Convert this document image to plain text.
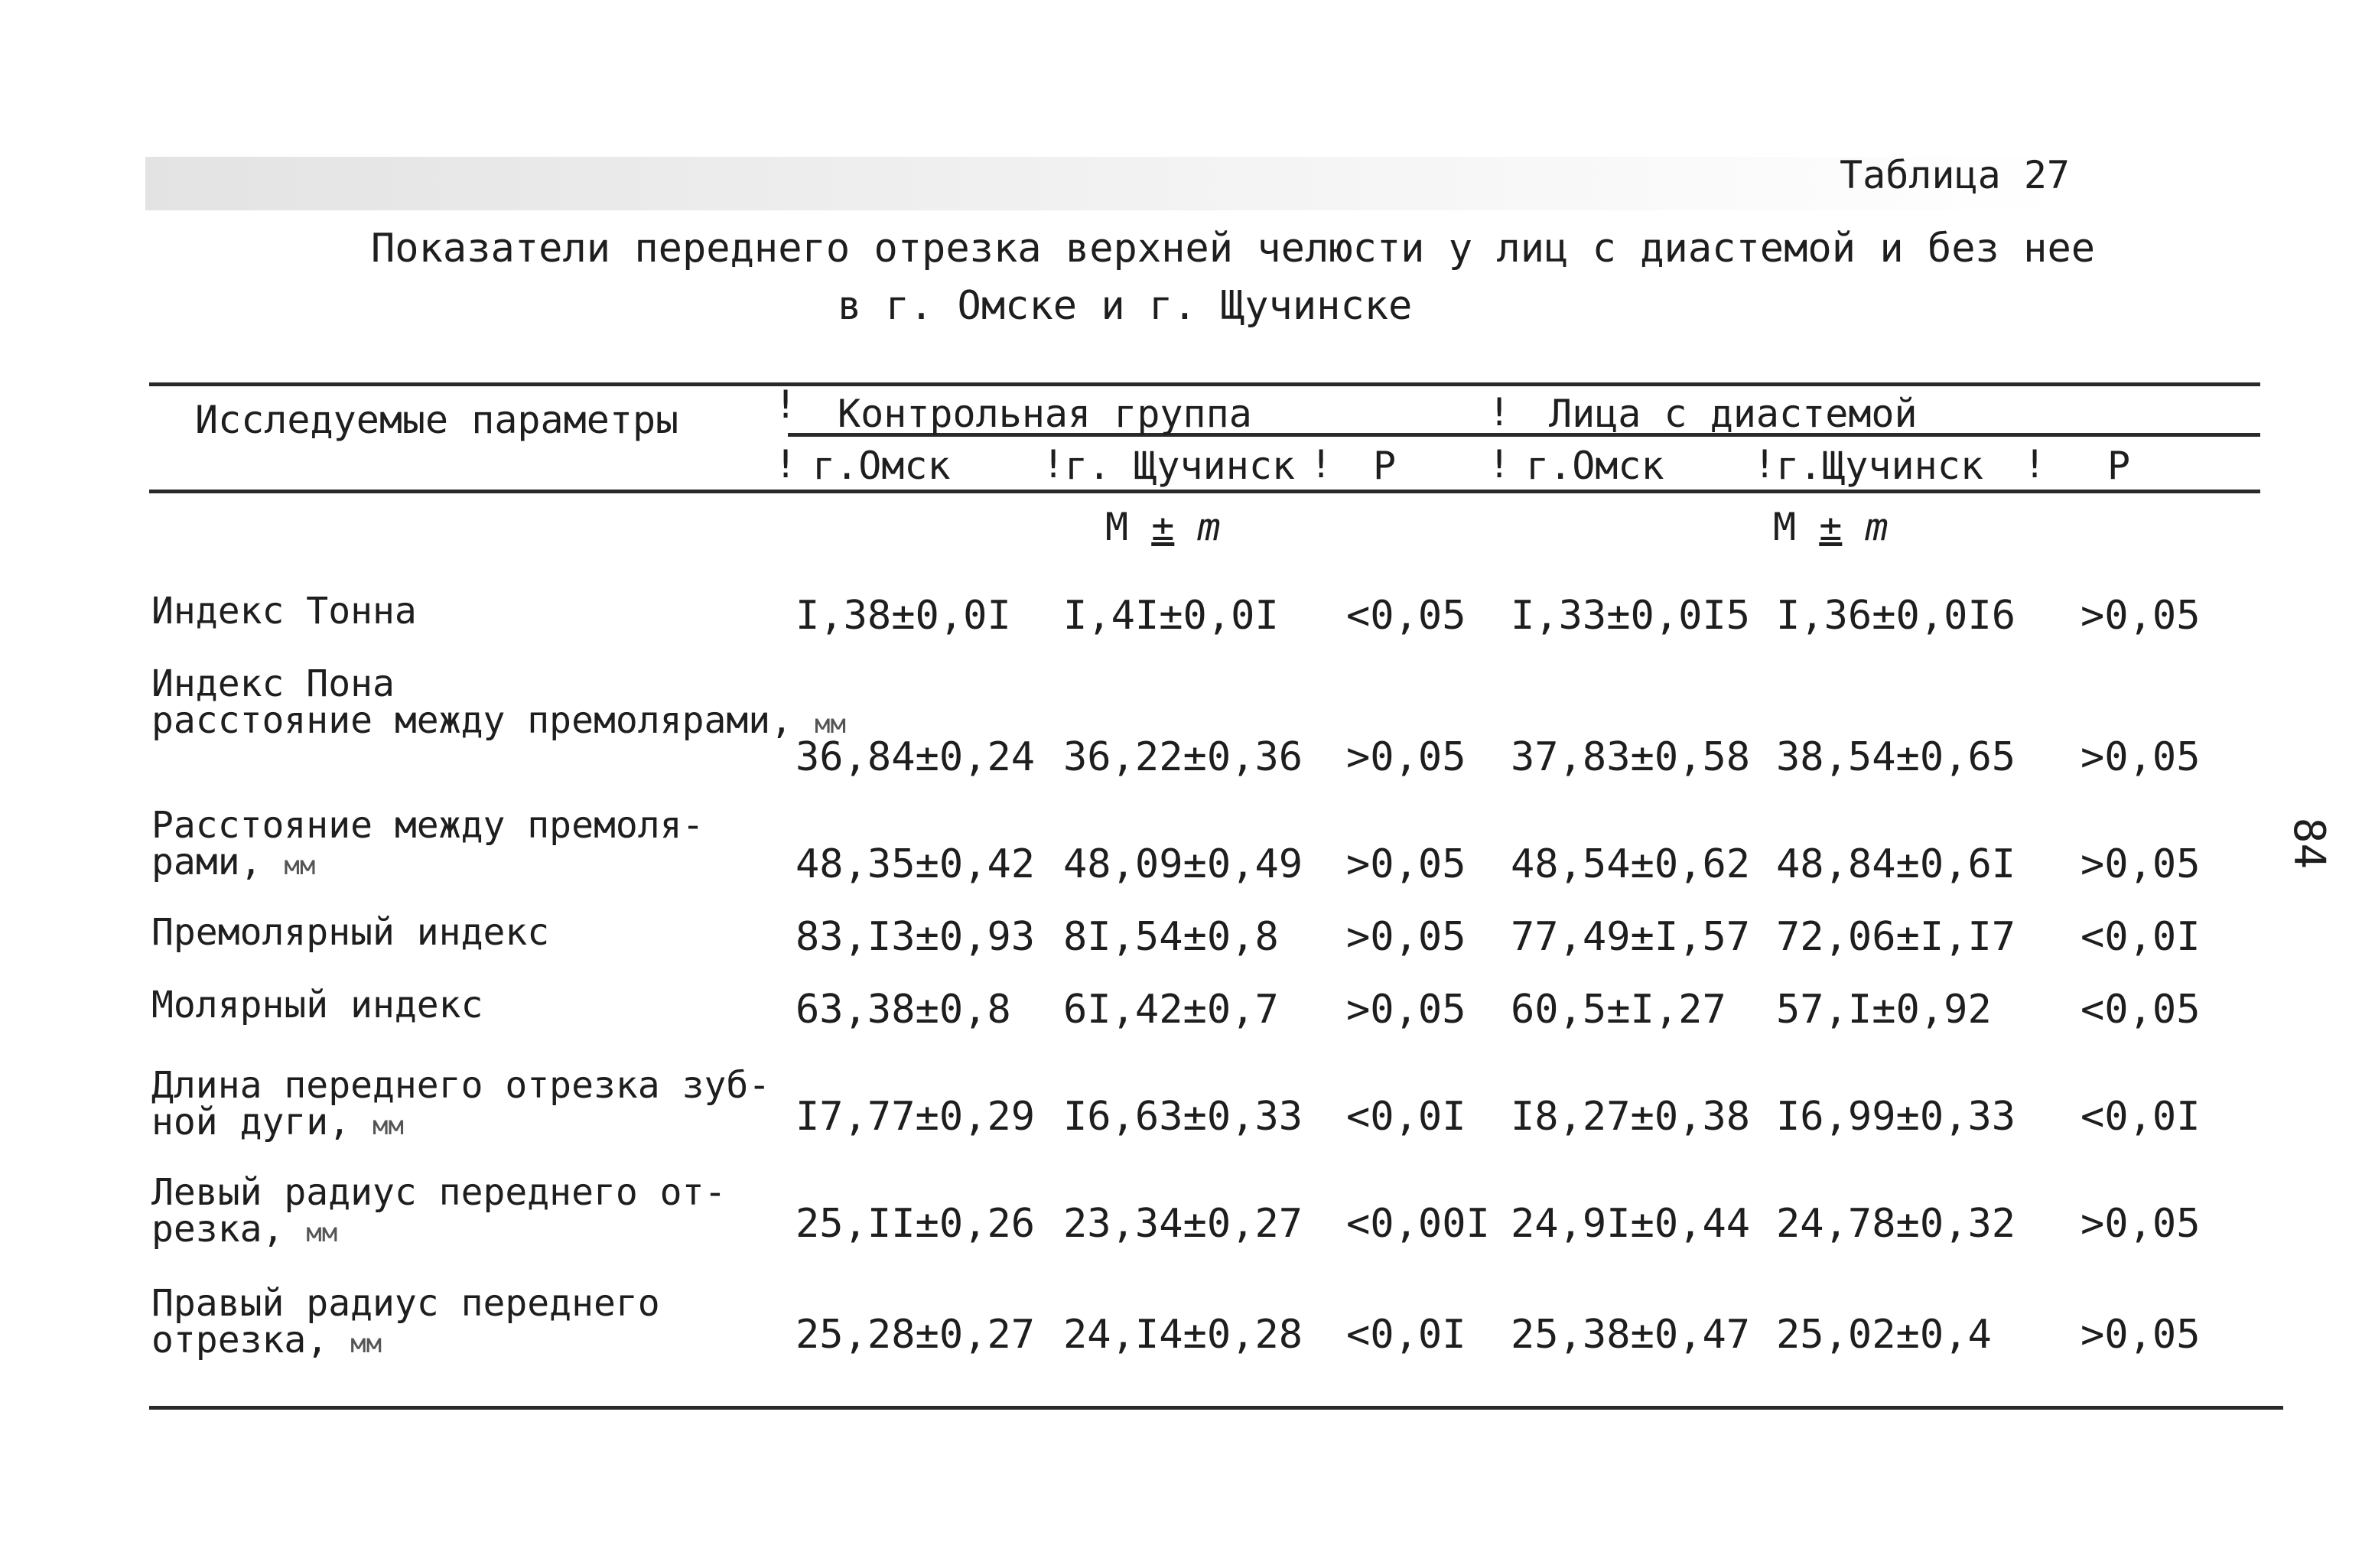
Таблица 27
Показатели переднего отрезка верхней челюсти у лиц с диастемой и без нее
в г. Омске и г. Щучинске
Исследуемые параметры ! Контрольная группа	! Лица с диастемой
! г.Омск ! г. Щучинск ! Р ! г.Омск ! г.Щучинск ! Р
М ± m	М ± m
Индекс Тонна	I,38±0,0I I,4I±0,0I <0,05 I,33±0,0I5 I,36±0,0I6 >0,05
Индекс Пона
расстояние между премолярами, мм
36,84±0,24 36,22±0,36 >0,05 37,83±0,58 38,54±0,65 >0,05
Расстояние между премоля-
рами, мм	48,35±0,42 48,09±0,49 >0,05 48,54±0,62 48,84±0,6I >0,05
Премолярный индекс	83,I3±0,93 8I,54±0,8 >0,05 77,49±I,57 72,06±I,I7 <0,0I
Молярный индекс	63,38±0,8 6I,42±0,7 >0,05 60,5±I,27 57,I±0,92 <0,05
Длина переднего отрезка зуб-
ной дуги, мм	I7,77±0,29 I6,63±0,33 <0,0I I8,27±0,38 I6,99±0,33 <0,0I
Левый радиус переднего от-
резка, мм	25,II±0,26 23,34±0,27 <0,00I 24,9I±0,44 24,78±0,32 >0,05
Правый радиус переднего
отрезка, мм	25,28±0,27 24,I4±0,28 <0,0I 25,38±0,47 25,02±0,4 >0,05
84
